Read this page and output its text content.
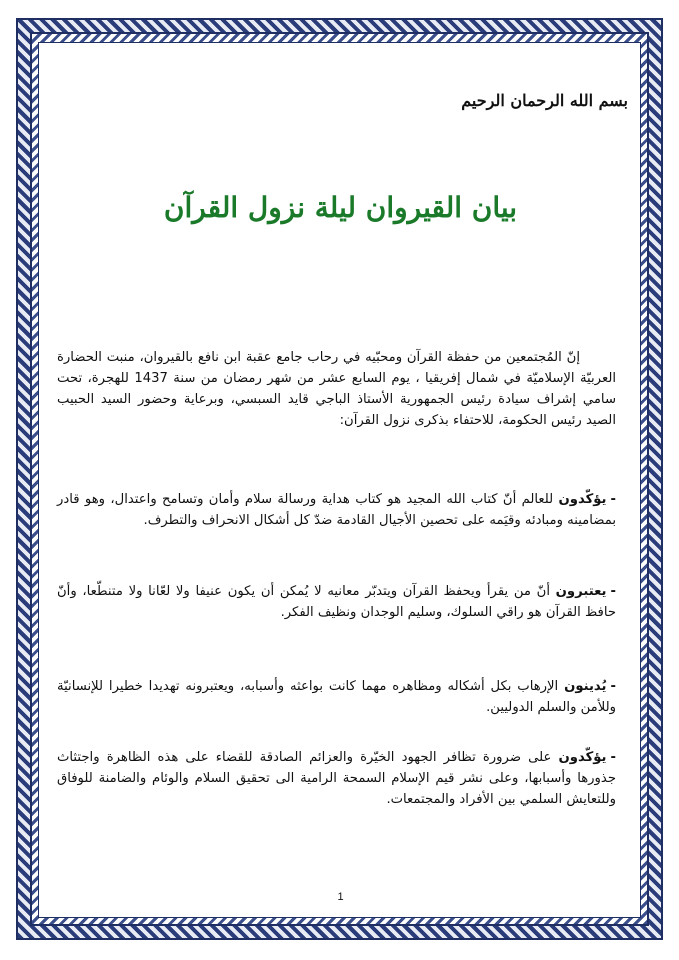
بسم الله الرحمان الرحيم
بيان القيروان ليلة نزول القرآن
إنّ المُجتمعين من حفظة القرآن ومحبّيه في رحاب جامع عقبة ابن نافع بالقيروان، منبت الحضارة العربيّة الإسلاميّة في شمال إفريقيا ، يوم السابع عشر من شهر رمضان من سنة 1437 للهجرة، تحت سامي إشراف سيادة رئيس الجمهورية الأستاذ الباجي قايد السبسي، وبرعاية وحضور السيد الحبيب الصيد رئيس الحكومة، للاحتفاء بذكرى نزول القرآن:
-يؤكّدون للعالم أنّ كتاب الله المجيد هو كتاب هداية ورسالة سلام وأمان وتسامح واعتدال، وهو قادر بمضامينه ومبادئه وقيَمه على تحصين الأجيال القادمة ضدّ كل أشكال الانحراف والتطرف.
-يعتبرون أنّ من يقرأ ويحفظ القرآن ويتدبّر معانيه لا يُمكن أن يكون عنيفا ولا لعّانا ولا متنطّعا، وأنّ حافظ القرآن هو راقي السلوك، وسليم الوجدان ونظيف الفكر.
-يُدينون الإرهاب بكل أشكاله ومظاهره مهما كانت بواعثه وأسبابه، ويعتبرونه تهديدا خطيرا للإنسانيّة وللأمن والسلم الدوليين.
-يؤكّدون على ضرورة تظافر الجهود الخيّرة والعزائم الصادقة للقضاء على هذه الظاهرة واجتثاث جذورها وأسبابها، وعلى نشر قيم الإسلام السمحة الرامية الى تحقيق السلام والوئام والضامنة للوفاق وللتعايش السلمي بين الأفراد والمجتمعات.
1
